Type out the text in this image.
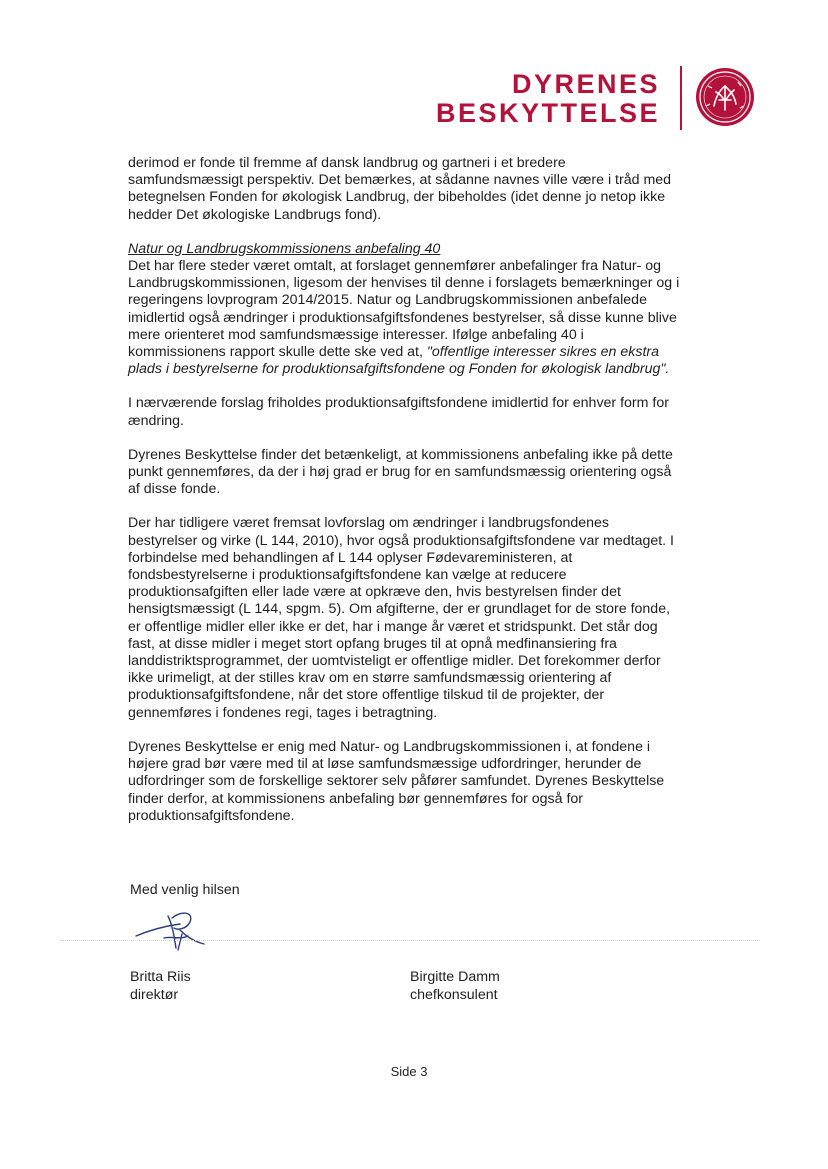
DYRENES
BESKYTTELSE

derimod er fonde til fremme af dansk landbrug og gartneri i et bredere samfundsmæssigt perspektiv. Det bemærkes, at sådanne navnes ville være i tråd med betegnelsen Fonden for økologisk Landbrug, der bibeholdes (idet denne jo netop ikke hedder Det økologiske Landbrugs fond).

Natur og Landbrugskommissionens anbefaling 40
Det har flere steder været omtalt, at forslaget gennemfører anbefalinger fra Natur- og Landbrugskommissionen, ligesom der henvises til denne i forslagets bemærkninger og i regeringens lovprogram 2014/2015. Natur og Landbrugskommissionen anbefalede imidlertid også ændringer i produktionsafgiftsfondenes bestyrelser, så disse kunne blive mere orienteret mod samfundsmæssige interesser. Ifølge anbefaling 40 i kommissionens rapport skulle dette ske ved at, "offentlige interesser sikres en ekstra plads i bestyrelserne for produktionsafgiftsfondene og Fonden for økologisk landbrug".

I nærværende forslag friholdes produktionsafgiftsfondene imidlertid for enhver form for ændring.

Dyrenes Beskyttelse finder det betænkeligt, at kommissionens anbefaling ikke på dette punkt gennemføres, da der i høj grad er brug for en samfundsmæssig orientering også af disse fonde.

Der har tidligere været fremsat lovforslag om ændringer i landbrugsfondenes bestyrelser og virke (L 144, 2010), hvor også produktionsafgiftsfondene var medtaget. I forbindelse med behandlingen af L 144 oplyser Fødevareministeren, at fondsbestyrelserne i produktionsafgiftsfondene kan vælge at reducere produktionsafgiften eller lade være at opkræve den, hvis bestyrelsen finder det hensigtsmæssigt (L 144, spgm. 5). Om afgifterne, der er grundlaget for de store fonde, er offentlige midler eller ikke er det, har i mange år været et stridspunkt. Det står dog fast, at disse midler i meget stort opfang bruges til at opnå medfinansiering fra landdistriktsprogrammet, der uomtvisteligt er offentlige midler. Det forekommer derfor ikke urimeligt, at der stilles krav om en større samfundsmæssig orientering af produktionsafgiftsfondene, når det store offentlige tilskud til de projekter, der gennemføres i fondenes regi, tages i betragtning.

Dyrenes Beskyttelse er enig med Natur- og Landbrugskommissionen i, at fondene i højere grad bør være med til at løse samfundsmæssige udfordringer, herunder de udfordringer som de forskellige sektorer selv påfører samfundet. Dyrenes Beskyttelse finder derfor, at kommissionens anbefaling bør gennemføres for også for produktionsafgiftsfondene.

Med venlig hilsen
Britta Riis
direktør
Birgitte Damm
chefkonsulent
Side 3
